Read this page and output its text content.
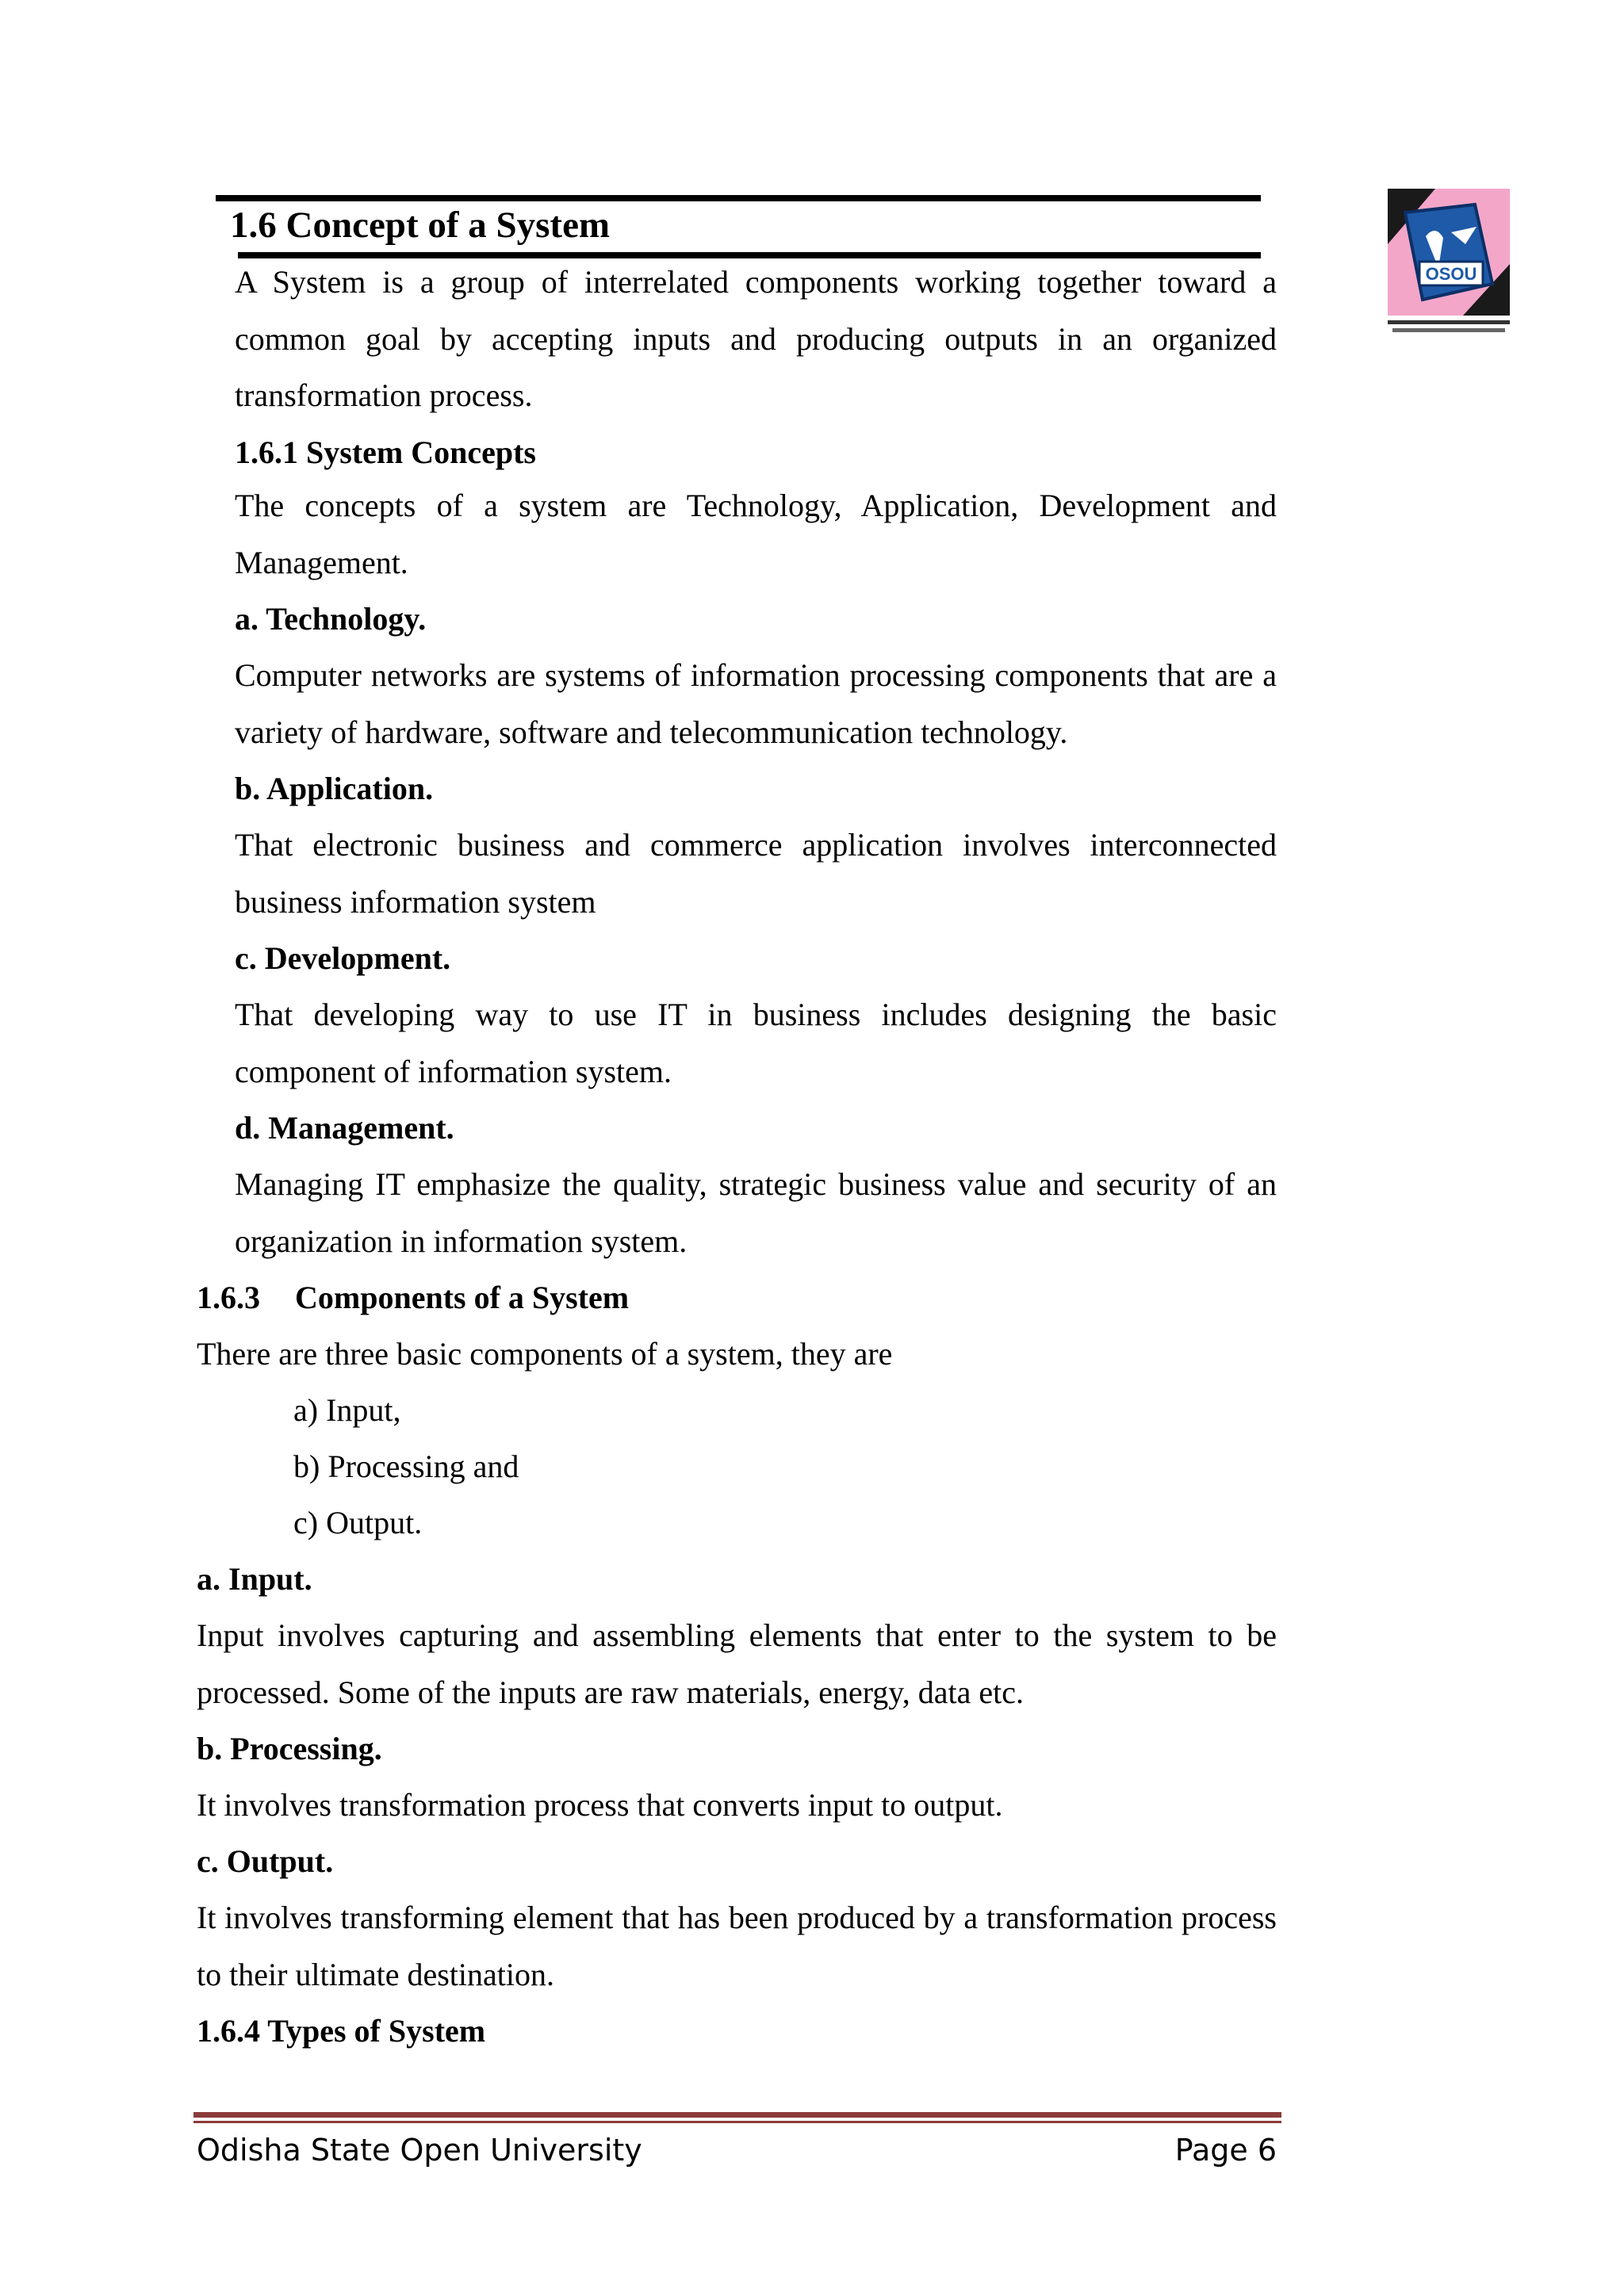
1.6 Concept of a System
OSOU

A System is a group of interrelated components working together toward a common goal by accepting inputs and producing outputs in an organized transformation process.

1.6.1 System Concepts

The concepts of a system are Technology, Application, Development and Management.

a. Technology.

Computer networks are systems of information processing components that are a variety of hardware, software and telecommunication technology.

b. Application.

That electronic business and commerce application involves interconnected business information system

c. Development.

That developing way to use IT in business includes designing the basic component of information system.

d. Management.

Managing IT emphasize the quality, strategic business value and security of an organization in information system.

1.6.3 Components of a System

There are three basic components of a system, they are

a) Input,

b) Processing and

c) Output.

a. Input.

Input involves capturing and assembling elements that enter to the system to be processed. Some of the inputs are raw materials, energy, data etc.

b. Processing.

It involves transformation process that converts input to output.

c. Output.

It involves transforming element that has been produced by a transformation process to their ultimate destination.

1.6.4 Types of System

Odisha State Open University	Page 6
